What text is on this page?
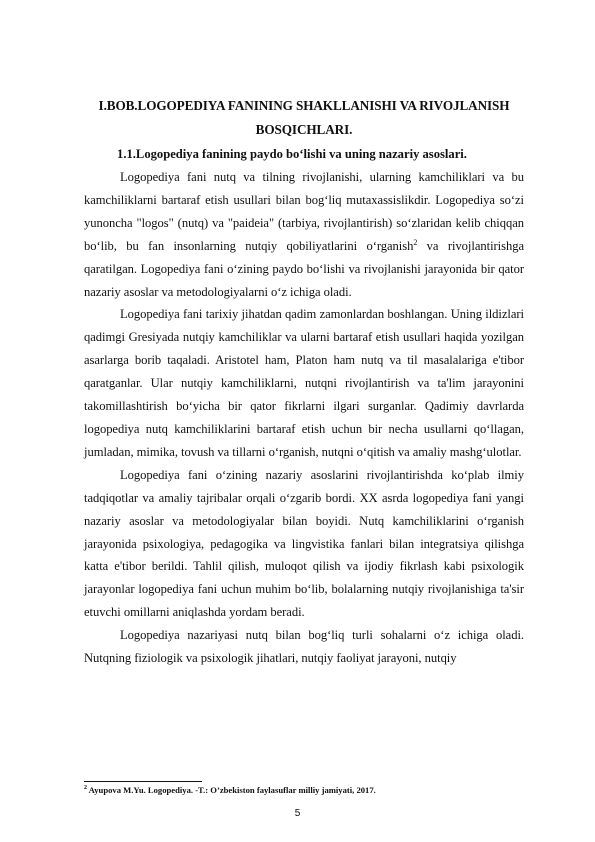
I.BOB.LOGOPEDIYA FANINING SHAKLLANISHI VA RIVOJLANISH BOSQICHLARI.

1.1.Logopediya fanining paydo bo‘lishi va uning nazariy asoslari.

Logopediya fani nutq va tilning rivojlanishi, ularning kamchiliklari va bu kamchiliklarni bartaraf etish usullari bilan bog‘liq mutaxassislikdir. Logopediya so‘zi yunoncha "logos" (nutq) va "paideia" (tarbiya, rivojlantirish) so‘zlaridan kelib chiqqan bo‘lib, bu fan insonlarning nutqiy qobiliyatlarini o‘rganish$^2$ va rivojlantirishga qaratilgan. Logopediya fani o‘zining paydo bo‘lishi va rivojlanishi jarayonida bir qator nazariy asoslar va metodologiyalarni o‘z ichiga oladi.

Logopediya fani tarixiy jihatdan qadim zamonlardan boshlangan. Uning ildizlari qadimgi Gresiyada nutqiy kamchiliklar va ularni bartaraf etish usullari haqida yozilgan asarlarga borib taqaladi. Aristotel ham, Platon ham nutq va til masalalariga e'tibor qaratganlar. Ular nutqiy kamchiliklarni, nutqni rivojlantirish va ta'lim jarayonini takomillashtirish bo‘yicha bir qator fikrlarni ilgari surganlar. Qadimiy davrlarda logopediya nutq kamchiliklarini bartaraf etish uchun bir necha usullarni qo‘llagan, jumladan, mimika, tovush va tillarni o‘rganish, nutqni o‘qitish va amaliy mashg‘ulotlar.

Logopediya fani o‘zining nazariy asoslarini rivojlantirishda ko‘plab ilmiy tadqiqotlar va amaliy tajribalar orqali o‘zgarib bordi. XX asrda logopediya fani yangi nazariy asoslar va metodologiyalar bilan boyidi. Nutq kamchiliklarini o‘rganish jarayonida psixologiya, pedagogika va lingvistika fanlari bilan integratsiya qilishga katta e'tibor berildi. Tahlil qilish, muloqot qilish va ijodiy fikrlash kabi psixologik jarayonlar logopediya fani uchun muhim bo‘lib, bolalarning nutqiy rivojlanishiga ta'sir etuvchi omillarni aniqlashda yordam beradi.

Logopediya nazariyasi nutq bilan bog‘liq turli sohalarni o‘z ichiga oladi. Nutqning fiziologik va psixologik jihatlari, nutqiy faoliyat jarayoni, nutqiy

$^2$ Ayupova M.Yu. Logopediya. -T.: O’zbekiston faylasuflar milliy jamiyati, 2017.
5
